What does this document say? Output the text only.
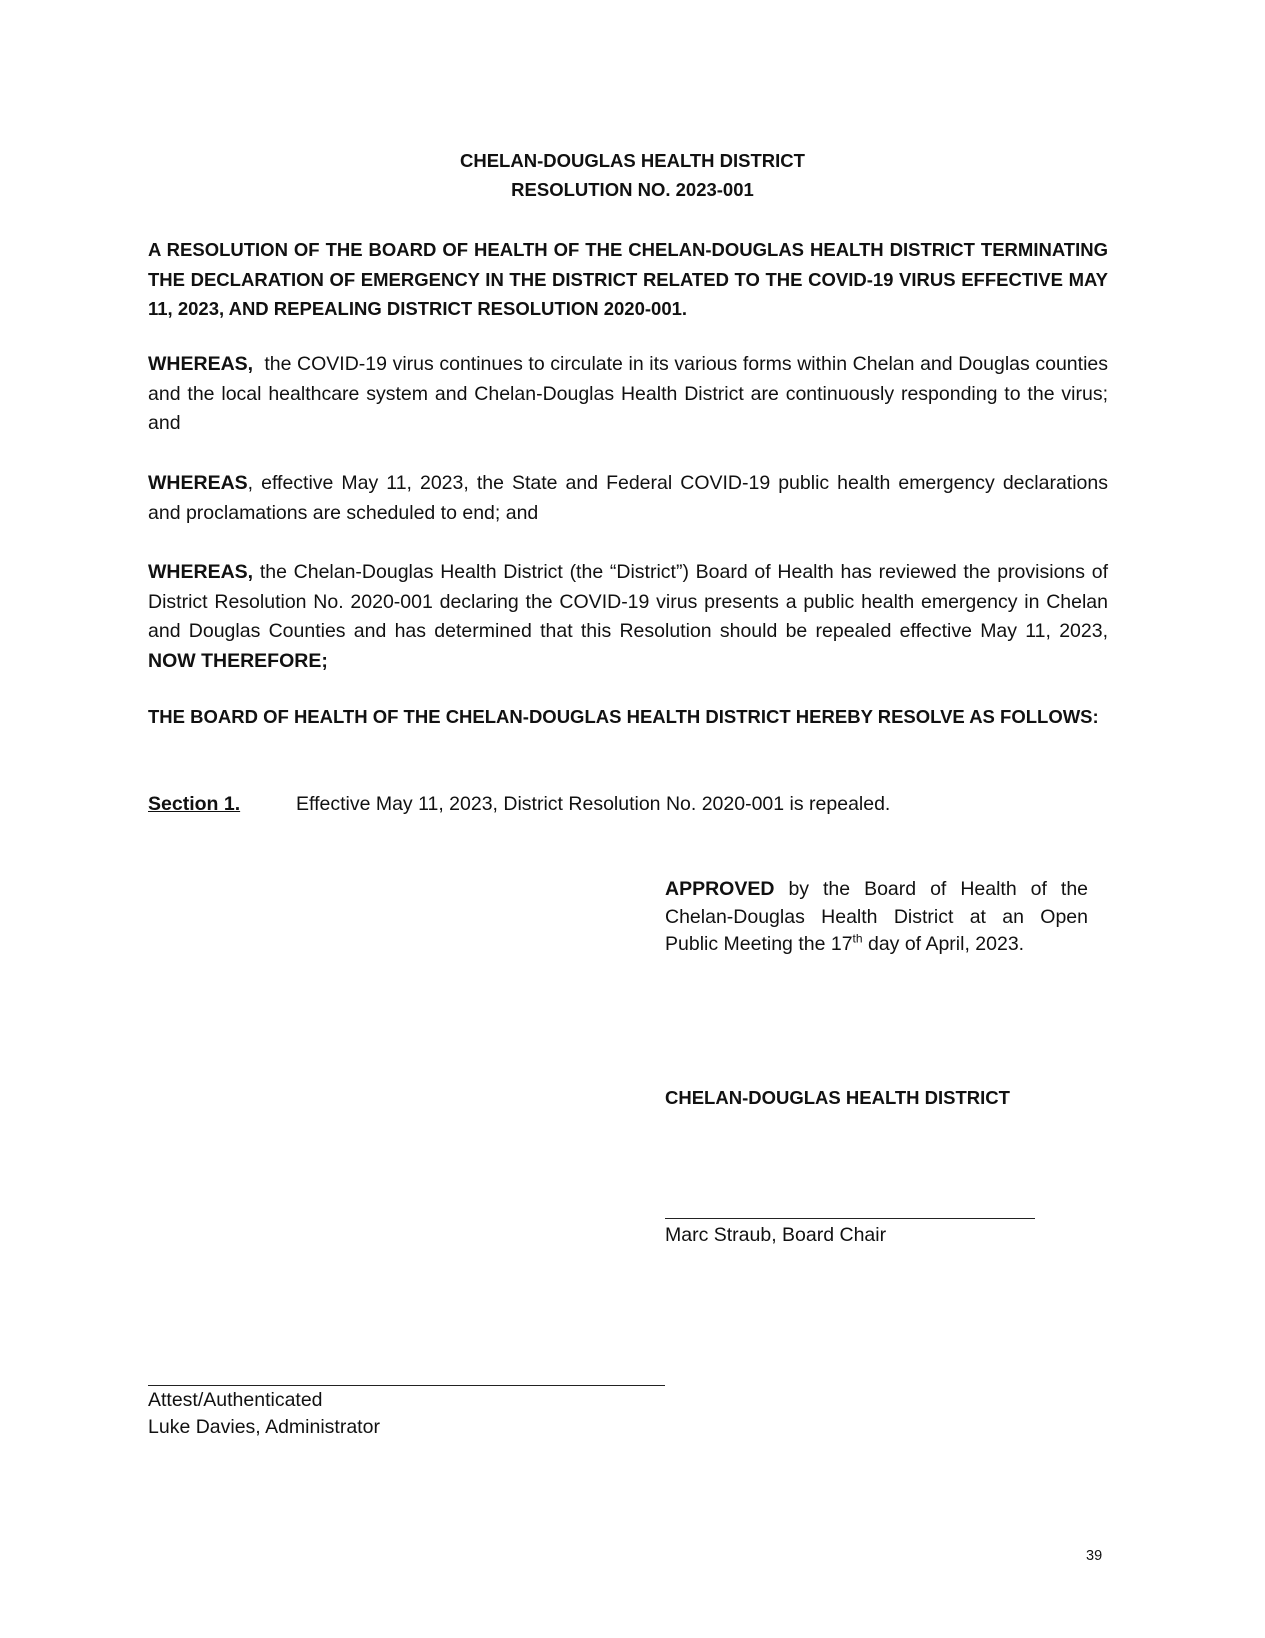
CHELAN-DOUGLAS HEALTH DISTRICT
RESOLUTION NO. 2023-001
A RESOLUTION OF THE BOARD OF HEALTH OF THE CHELAN-DOUGLAS HEALTH DISTRICT TERMINATING THE DECLARATION OF EMERGENCY IN THE DISTRICT RELATED TO THE COVID-19 VIRUS EFFECTIVE MAY 11, 2023, AND REPEALING DISTRICT RESOLUTION 2020-001.
WHEREAS, the COVID-19 virus continues to circulate in its various forms within Chelan and Douglas counties and the local healthcare system and Chelan-Douglas Health District are continuously responding to the virus; and
WHEREAS, effective May 11, 2023, the State and Federal COVID-19 public health emergency declarations and proclamations are scheduled to end; and
WHEREAS, the Chelan-Douglas Health District (the “District”) Board of Health has reviewed the provisions of District Resolution No. 2020-001 declaring the COVID-19 virus presents a public health emergency in Chelan and Douglas Counties and has determined that this Resolution should be repealed effective May 11, 2023, NOW THEREFORE;
THE BOARD OF HEALTH OF THE CHELAN-DOUGLAS HEALTH DISTRICT HEREBY RESOLVE AS FOLLOWS:
Section 1.	Effective May 11, 2023, District Resolution No. 2020-001 is repealed.
APPROVED by the Board of Health of the Chelan-Douglas Health District at an Open Public Meeting the 17th day of April, 2023.
CHELAN-DOUGLAS HEALTH DISTRICT
Marc Straub, Board Chair
Attest/Authenticated
Luke Davies, Administrator
39
